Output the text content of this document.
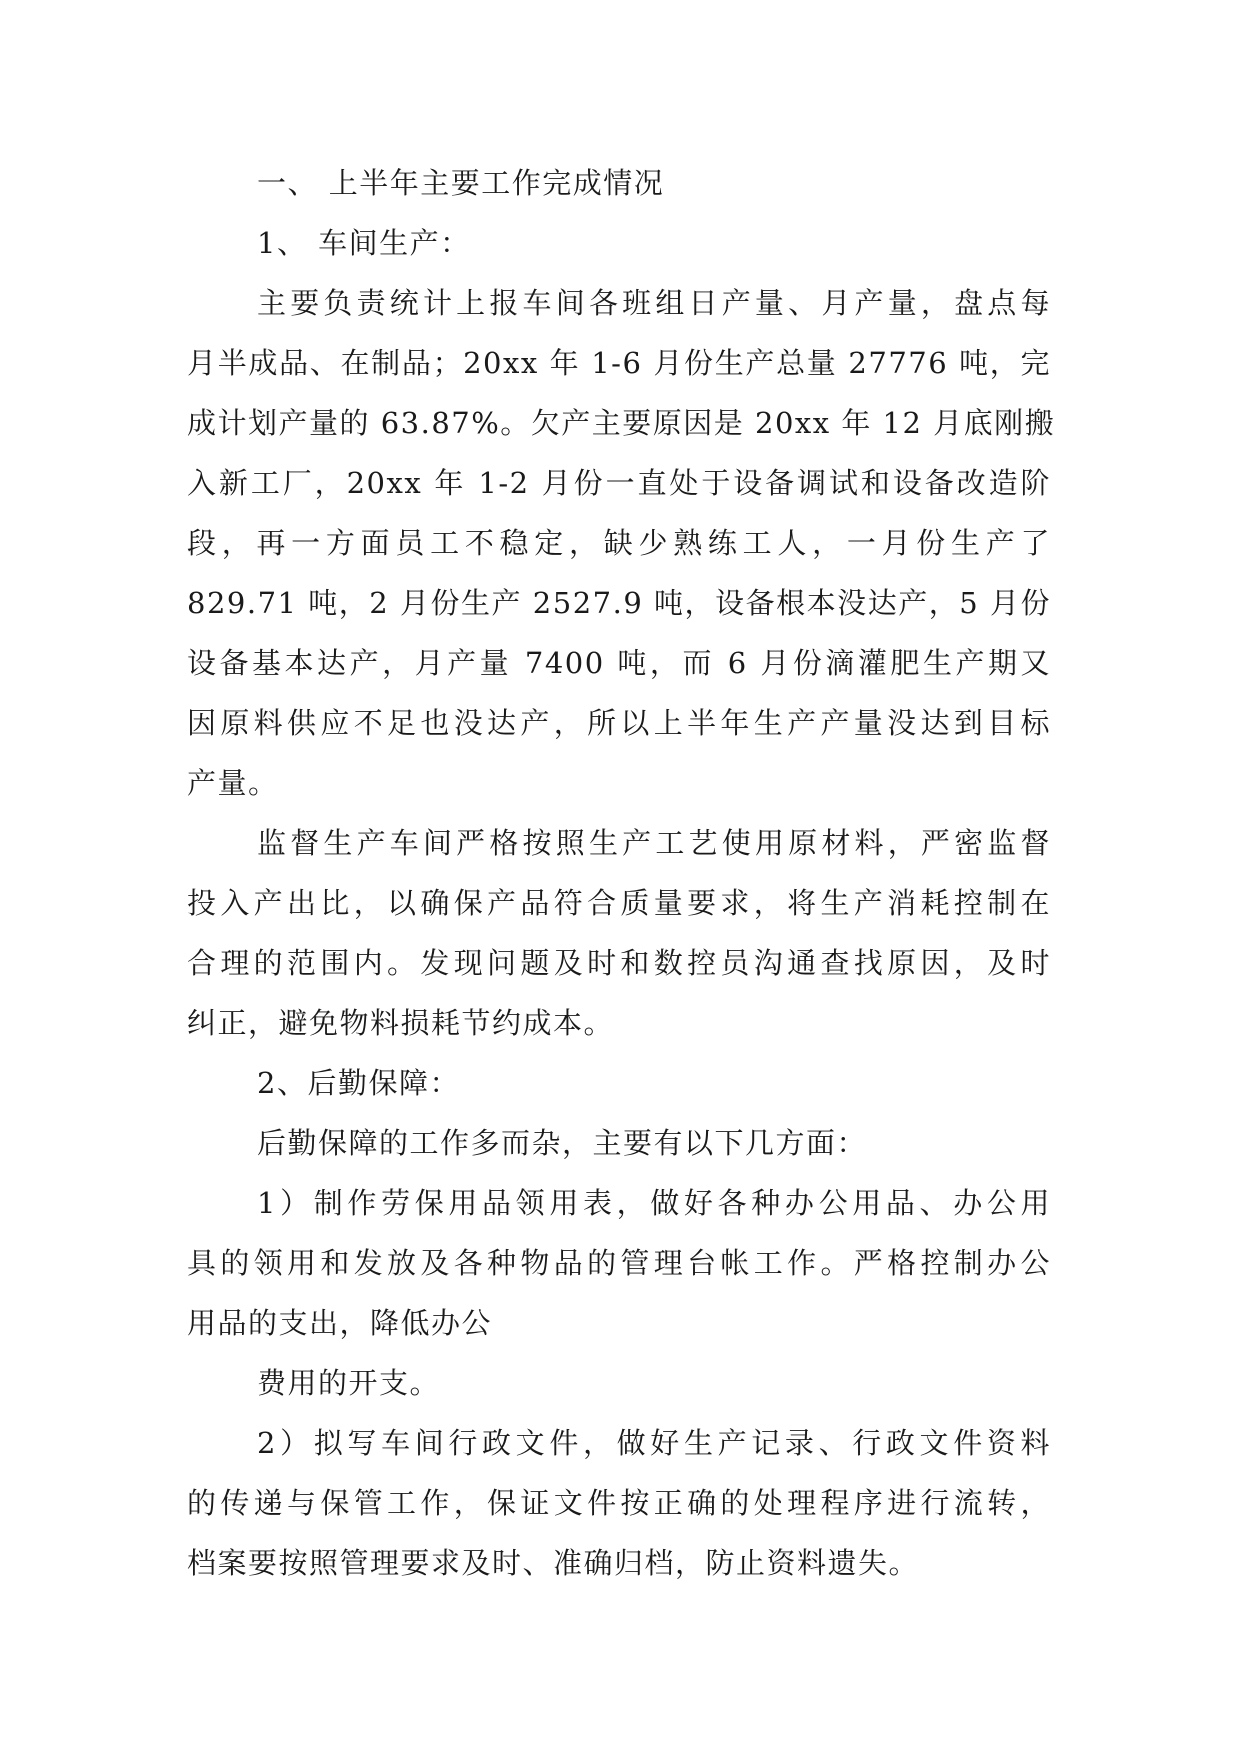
一、 上半年主要工作完成情况
1、 车间生产：
主要负责统计上报车间各班组日产量、月产量，盘点每
月半成品、在制品；20xx 年 1-6 月份生产总量 27776 吨，完
成计划产量的 63.87%。欠产主要原因是 20xx 年 12 月底刚搬
入新工厂，20xx 年 1-2 月份一直处于设备调试和设备改造阶
段，再一方面员工不稳定，缺少熟练工人，一月份生产了
829.71 吨，2 月份生产 2527.9 吨，设备根本没达产，5 月份
设备基本达产，月产量 7400 吨，而 6 月份滴灌肥生产期又
因原料供应不足也没达产，所以上半年生产产量没达到目标
产量。
监督生产车间严格按照生产工艺使用原材料，严密监督
投入产出比，以确保产品符合质量要求，将生产消耗控制在
合理的范围内。发现问题及时和数控员沟通查找原因，及时
纠正，避免物料损耗节约成本。
2、后勤保障：
后勤保障的工作多而杂，主要有以下几方面：
1）制作劳保用品领用表，做好各种办公用品、办公用
具的领用和发放及各种物品的管理台帐工作。严格控制办公
用品的支出，降低办公
费用的开支。
2）拟写车间行政文件，做好生产记录、行政文件资料
的传递与保管工作，保证文件按正确的处理程序进行流转，
档案要按照管理要求及时、准确归档，防止资料遗失。
